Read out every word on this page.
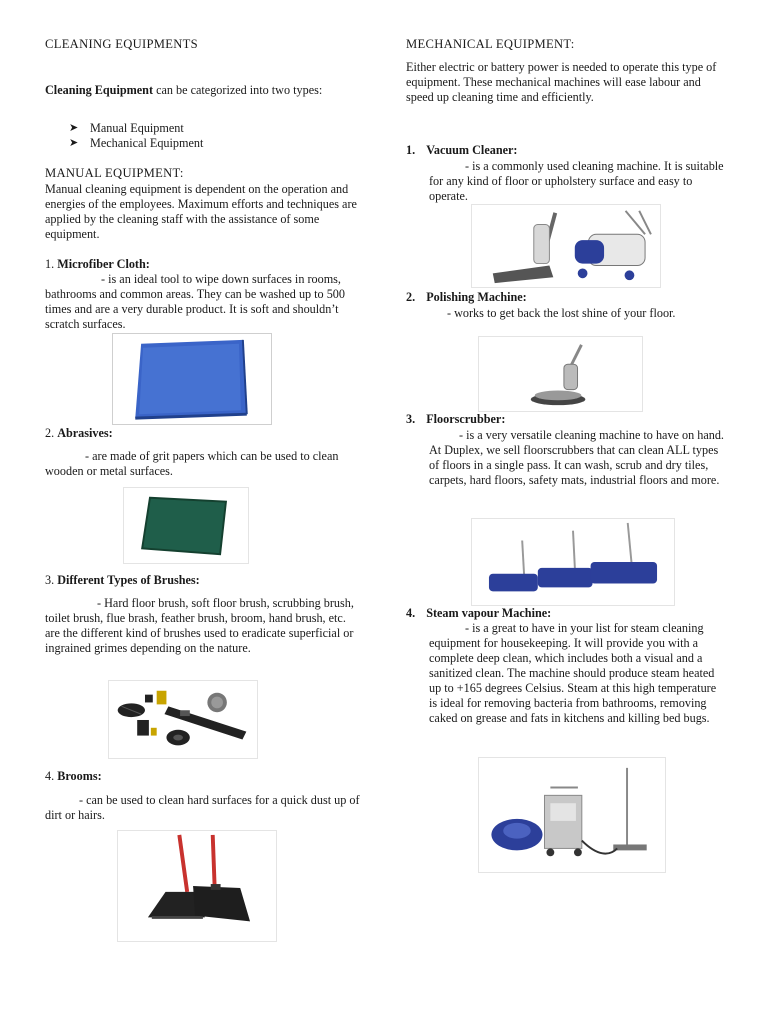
CLEANING EQUIPMENTS
Cleaning Equipment can be categorized into two types:
➤ Manual Equipment
➤ Mechanical Equipment
MANUAL EQUIPMENT:
Manual cleaning equipment is dependent on the operation and energies of the employees. Maximum efforts and techniques are applied by the cleaning staff with the assistance of some equipment.
1. Microfiber Cloth:
- is an ideal tool to wipe down surfaces in rooms, bathrooms and common areas. They can be washed up to 500 times and are a very durable product. It is soft and shouldn’t scratch surfaces.
2. Abrasives:
- are made of grit papers which can be used to clean wooden or metal surfaces.
3. Different Types of Brushes:
- Hard floor brush, soft floor brush, scrubbing brush, toilet brush, flue brash, feather brush, broom, hand brush, etc. are the different kind of brushes used to eradicate superficial or ingrained grimes depending on the nature.
4. Brooms:
- can be used to clean hard surfaces for a quick dust up of dirt or hairs.
MECHANICAL EQUIPMENT:
Either electric or battery power is needed to operate this type of equipment. These mechanical machines will ease labour and speed up cleaning time and efficiently.
1. Vacuum Cleaner:
- is a commonly used cleaning machine. It is suitable for any kind of floor or upholstery surface and easy to operate.
2. Polishing Machine:
- works to get back the lost shine of your floor.
3. Floorscrubber:
- is a very versatile cleaning machine to have on hand. At Duplex, we sell floorscrubbers that can clean ALL types of floors in a single pass. It can wash, scrub and dry tiles, carpets, hard floors, safety mats, industrial floors and more.
4. Steam vapour Machine:
- is a great to have in your list for steam cleaning equipment for housekeeping. It will provide you with a complete deep clean, which includes both a visual and a sanitized clean. The machine should produce steam heated up to +165 degrees Celsius. Steam at this high temperature is ideal for removing bacteria from bathrooms, removing caked on grease and fats in kitchens and killing bed bugs.
